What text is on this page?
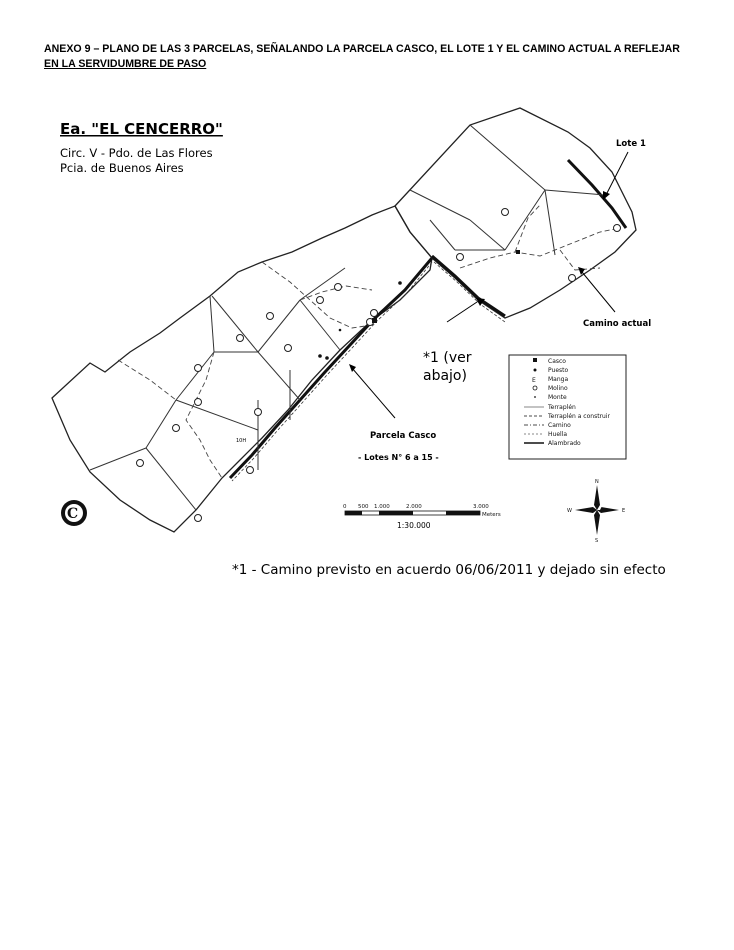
ANEXO 9 – PLANO DE LAS 3 PARCELAS, SEÑALANDO LA PARCELA CASCO, EL LOTE 1 Y EL CAMINO ACTUAL A REFLEJAR
EN LA SERVIDUMBRE DE PASO
Ea. "EL CENCERRO"
Circ. V - Pdo. de Las Flores
Pcia. de Buenos Aires
10H
Lote 1
Camino actual
*1 (ver
abajo)
Parcela Casco
- Lotes N° 6 a 15 -
E
Casco
Puesto
Manga
Molino
Monte
Terraplén
Terraplén a construir
Camino
Huella
Alambrado
0 500 1.000	2.000	3.000
Meters
1:30.000
N
E
W
S
C
*1 - Camino previsto en acuerdo 06/06/2011 y dejado sin efecto
